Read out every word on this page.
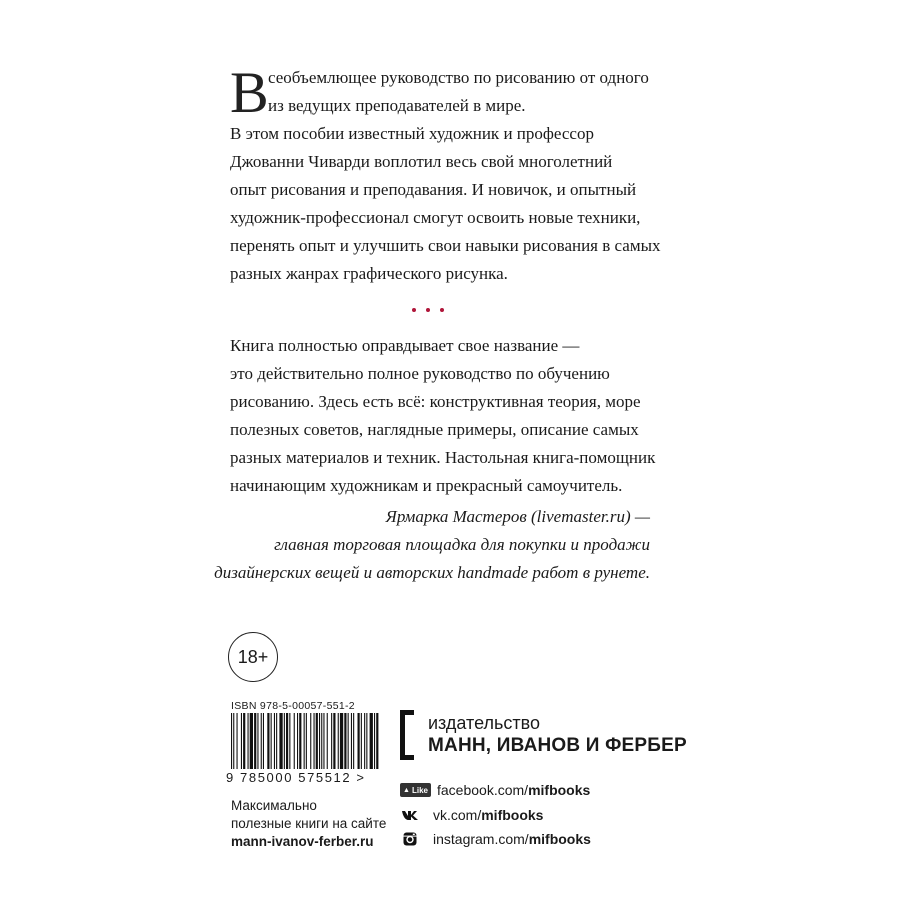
В сеобъемлющее руководство по рисованию от одного
из ведущих преподавателей в мире.
В этом пособии известный художник и профессор
Джованни Чиварди воплотил весь свой многолетний
опыт рисования и преподавания. И новичок, и опытный
художник-профессионал смогут освоить новые техники,
перенять опыт и улучшить свои навыки рисования в самых
разных жанрах графического рисунка.
Книга полностью оправдывает свое название —
это действительно полное руководство по обучению
рисованию. Здесь есть всё: конструктивная теория, море
полезных советов, наглядные примеры, описание самых
разных материалов и техник. Настольная книга-помощник
начинающим художникам и прекрасный самоучитель.
Ярмарка Мастеров (livemaster.ru) —
главная торговая площадка для покупки и продажи
дизайнерских вещей и авторских handmade работ в рунете.
18+
ISBN 978-5-00057-551-2
9 785000 575512 >
Максимально
полезные книги на сайте
mann-ivanov-ferber.ru
издательство
МАНН, ИВАНОВ И ФЕРБЕР
▲ Like facebook.com/ mifbooks
vk.com/ mifbooks
instagram.com/ mifbooks
